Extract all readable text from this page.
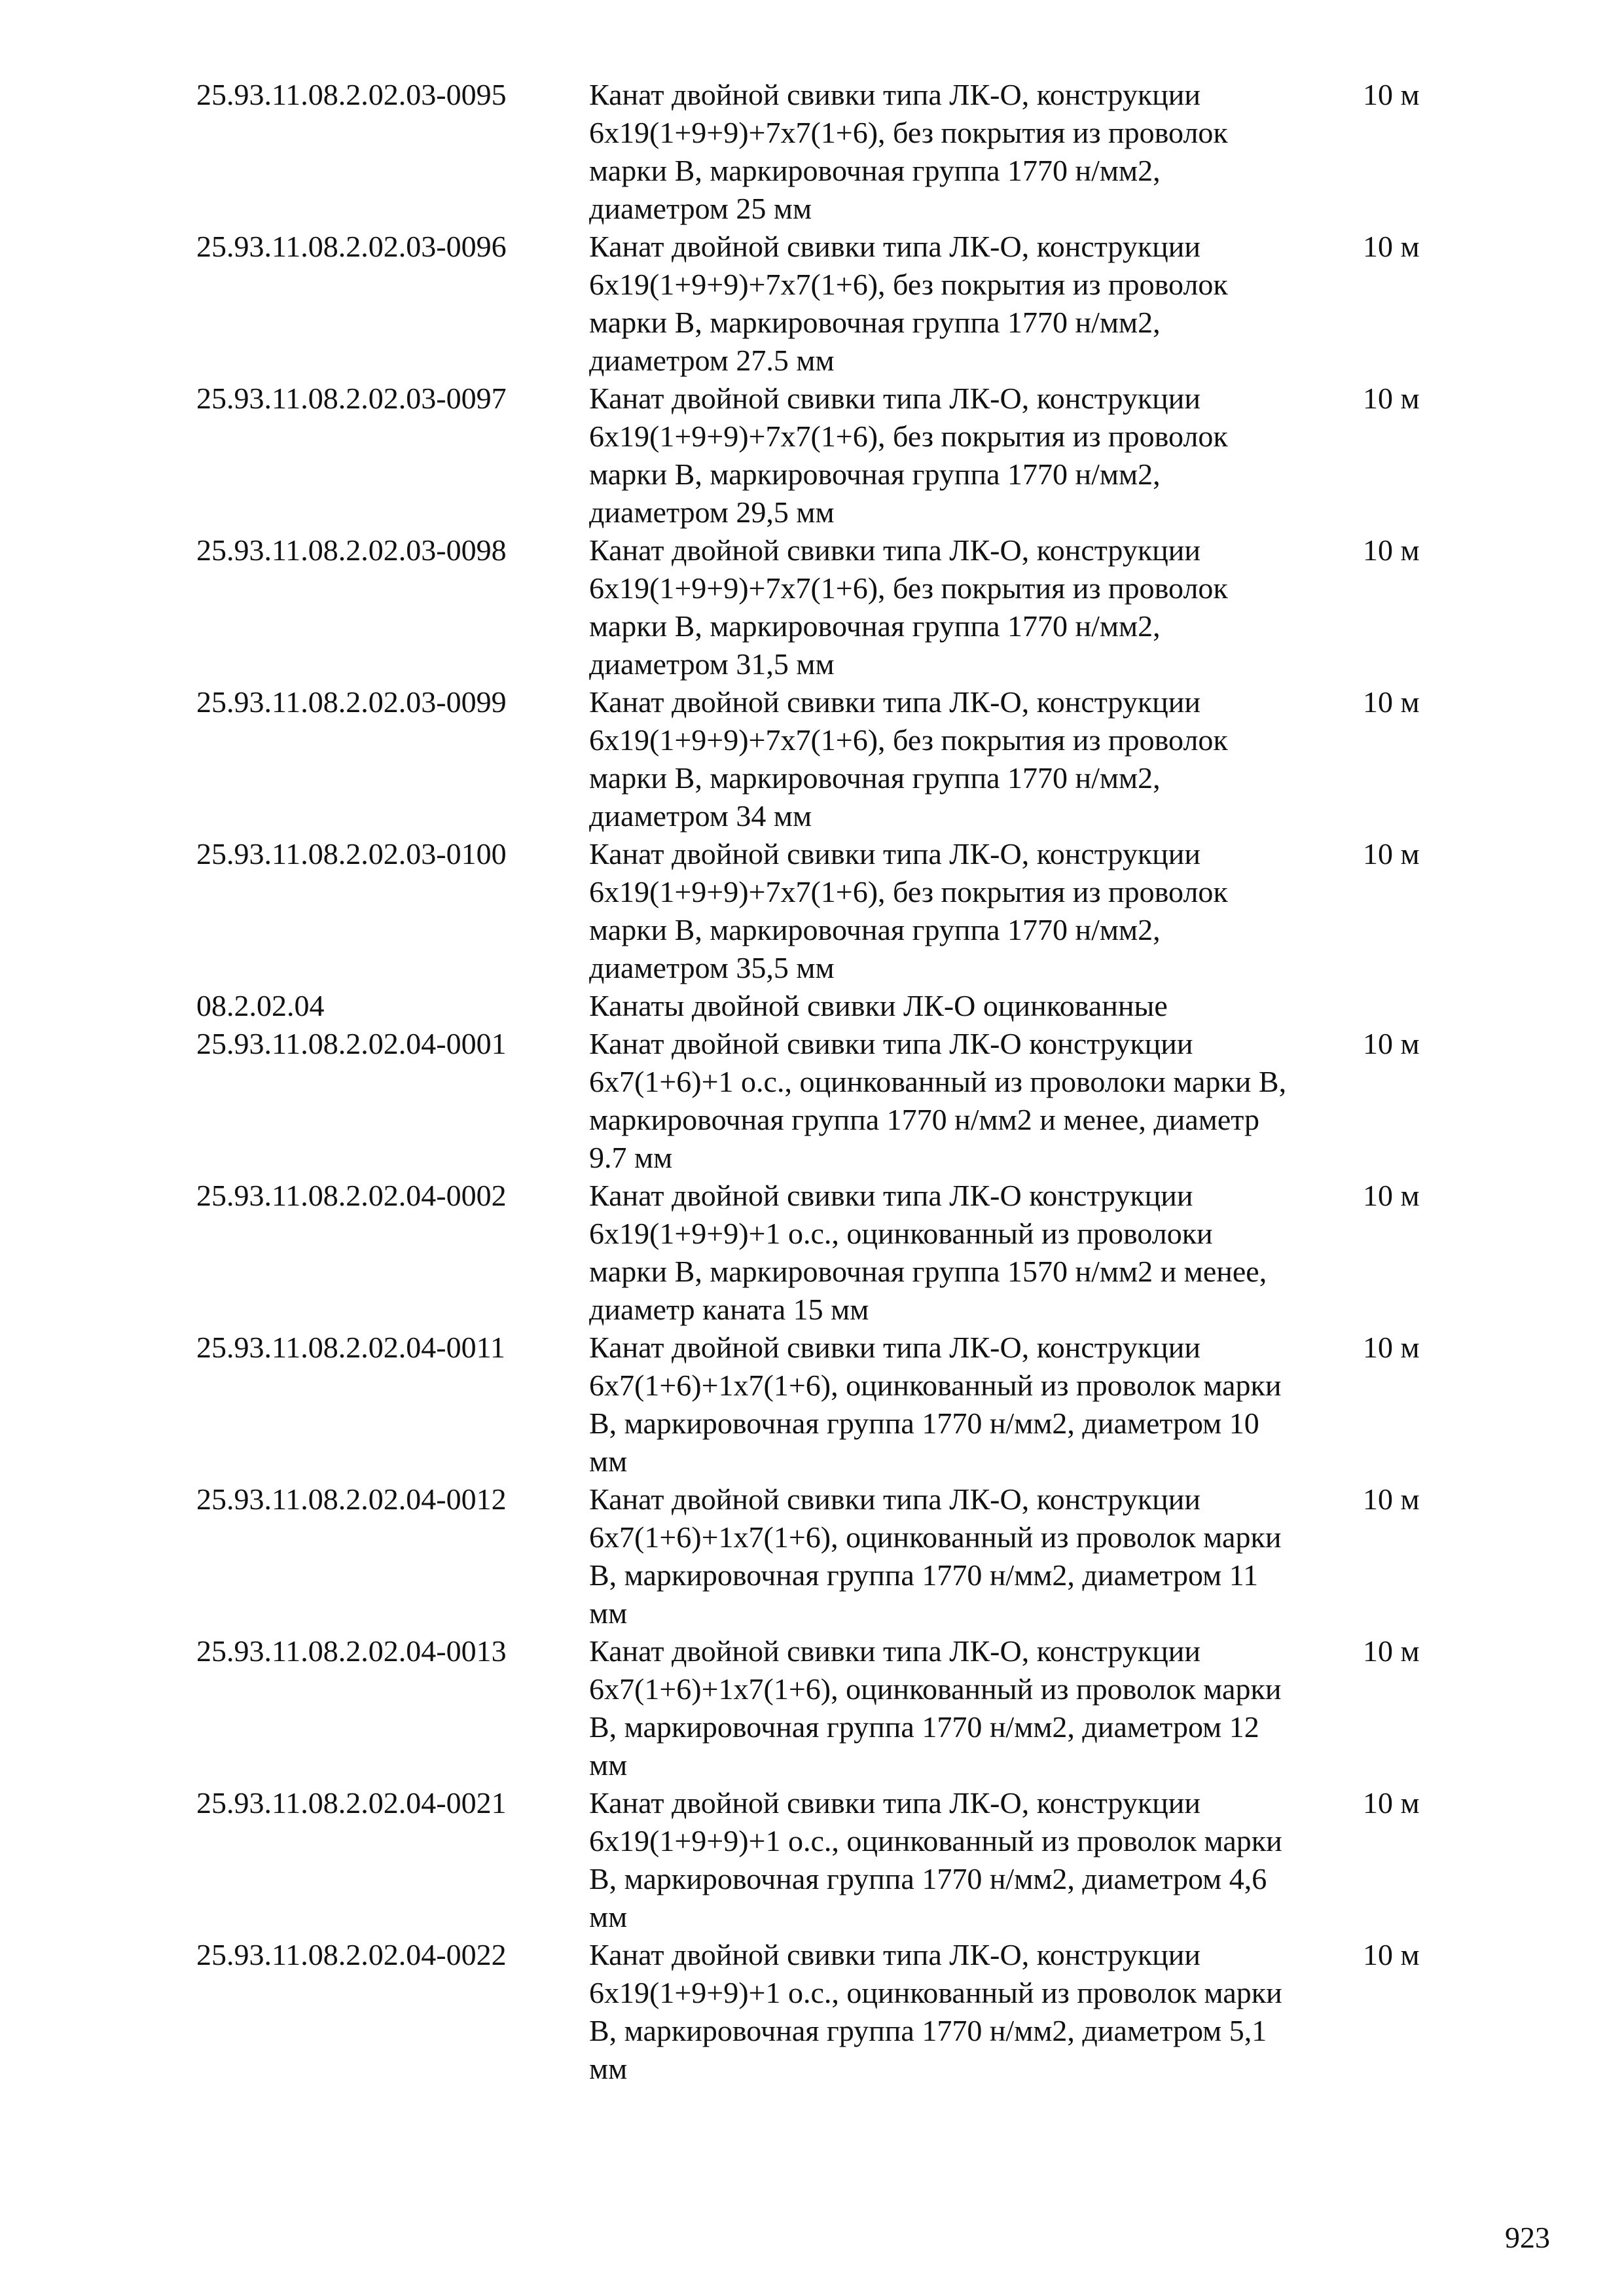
25.93.11.08.2.02.03-0095	Канат двойной свивки типа ЛК-О, конструкции
6х19(1+9+9)+7х7(1+6), без покрытия из проволок
марки В, маркировочная группа 1770 н/мм2,
диаметром 25 мм
10 м
25.93.11.08.2.02.03-0096	Канат двойной свивки типа ЛК-О, конструкции
6х19(1+9+9)+7х7(1+6), без покрытия из проволок
марки В, маркировочная группа 1770 н/мм2,
диаметром 27.5 мм
10 м
25.93.11.08.2.02.03-0097	Канат двойной свивки типа ЛК-О, конструкции
6х19(1+9+9)+7х7(1+6), без покрытия из проволок
марки В, маркировочная группа 1770 н/мм2,
диаметром 29,5 мм
10 м
25.93.11.08.2.02.03-0098	Канат двойной свивки типа ЛК-О, конструкции
6х19(1+9+9)+7х7(1+6), без покрытия из проволок
марки В, маркировочная группа 1770 н/мм2,
диаметром 31,5 мм
10 м
25.93.11.08.2.02.03-0099	Канат двойной свивки типа ЛК-О, конструкции
6х19(1+9+9)+7х7(1+6), без покрытия из проволок
марки В, маркировочная группа 1770 н/мм2,
диаметром 34 мм
10 м
25.93.11.08.2.02.03-0100	Канат двойной свивки типа ЛК-О, конструкции
6х19(1+9+9)+7х7(1+6), без покрытия из проволок
марки В, маркировочная группа 1770 н/мм2,
диаметром 35,5 мм
10 м
08.2.02.04	Канаты двойной свивки ЛК-О оцинкованные
25.93.11.08.2.02.04-0001	Канат двойной свивки типа ЛК-О конструкции
6х7(1+6)+1 о.с., оцинкованный из проволоки марки В,
маркировочная группа 1770 н/мм2 и менее, диаметр
9.7 мм
10 м
25.93.11.08.2.02.04-0002	Канат двойной свивки типа ЛК-О конструкции
6х19(1+9+9)+1 о.с., оцинкованный из проволоки
марки В, маркировочная группа 1570 н/мм2 и менее,
диаметр каната 15 мм
10 м
25.93.11.08.2.02.04-0011	Канат двойной свивки типа ЛК-О, конструкции
6х7(1+6)+1х7(1+6), оцинкованный из проволок марки
В, маркировочная группа 1770 н/мм2, диаметром 10
мм
10 м
25.93.11.08.2.02.04-0012	Канат двойной свивки типа ЛК-О, конструкции
6х7(1+6)+1х7(1+6), оцинкованный из проволок марки
В, маркировочная группа 1770 н/мм2, диаметром 11
мм
10 м
25.93.11.08.2.02.04-0013	Канат двойной свивки типа ЛК-О, конструкции
6х7(1+6)+1х7(1+6), оцинкованный из проволок марки
В, маркировочная группа 1770 н/мм2, диаметром 12
мм
10 м
25.93.11.08.2.02.04-0021	Канат двойной свивки типа ЛК-О, конструкции
6х19(1+9+9)+1 о.с., оцинкованный из проволок марки
В, маркировочная группа 1770 н/мм2, диаметром 4,6
мм
10 м
25.93.11.08.2.02.04-0022	Канат двойной свивки типа ЛК-О, конструкции
6х19(1+9+9)+1 о.с., оцинкованный из проволок марки
В, маркировочная группа 1770 н/мм2, диаметром 5,1
мм
10 м
923
